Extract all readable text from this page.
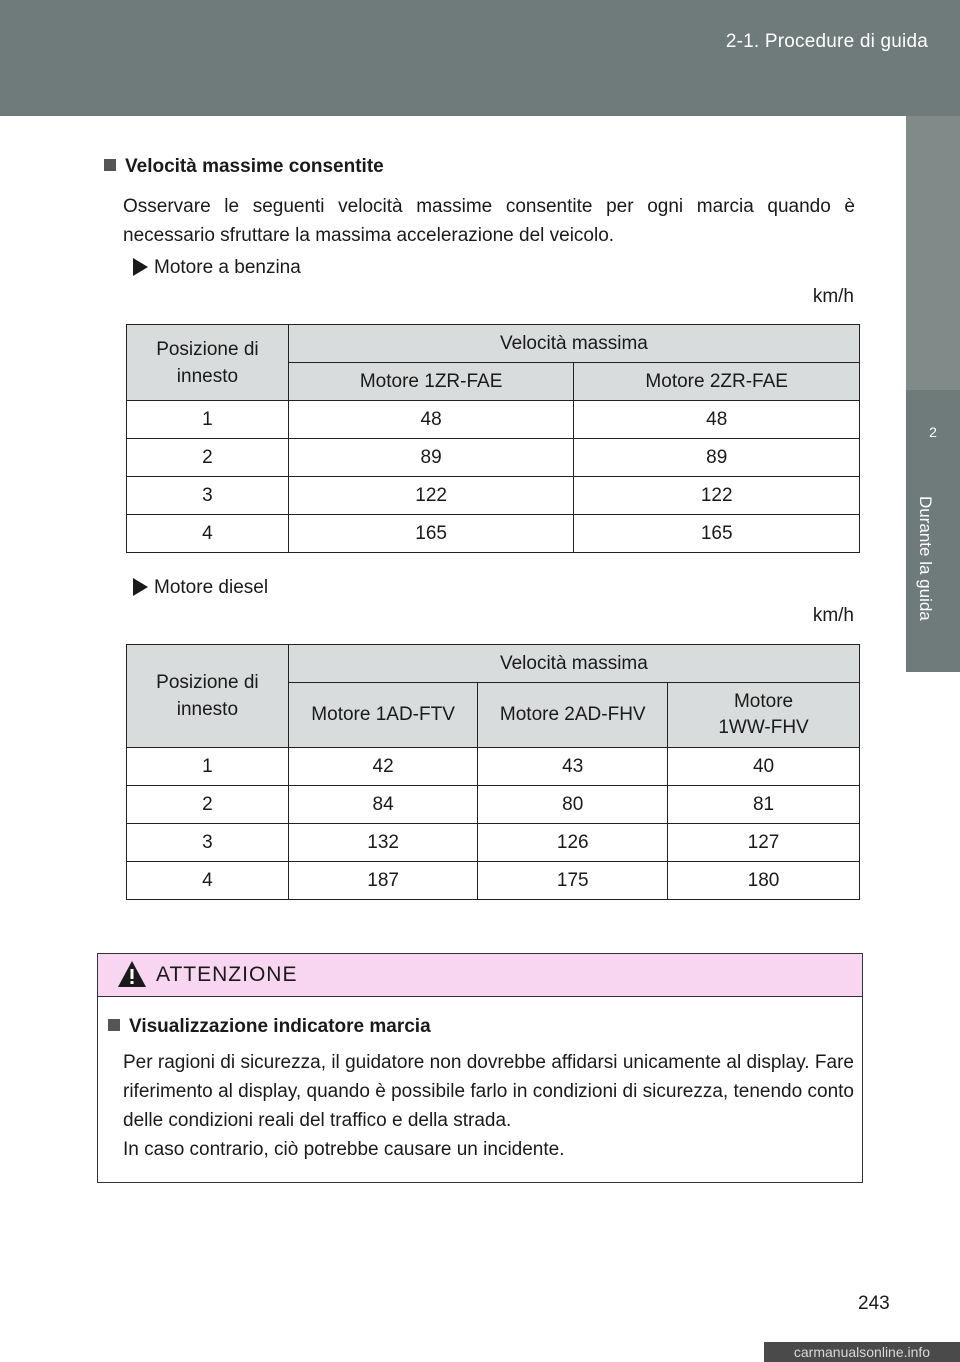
2-1. Procedure di guida
2
Durante la guida
Velocità massime consentite
Osservare le seguenti velocità massime consentite per ogni marcia quando è necessario sfruttare la massima accelerazione del veicolo.
Motore a benzina
km/h
Posizione di innesto	Velocità massima	
	Motore 1ZR-FAE	Motore 2ZR-FAE
1	48	48
2	89	89
3	122	122
4	165	165
Motore diesel
km/h
Posizione di innesto	Velocità massima		
	Motore 1AD-FTV	Motore 2AD-FHV	Motore 1WW-FHV
1	42	43	40
2	84	80	81
3	132	126	127
4	187	175	180
ATTENZIONE
Visualizzazione indicatore marcia

Per ragioni di sicurezza, il guidatore non dovrebbe affidarsi unicamente al display. Fare riferimento al display, quando è possibile farlo in condizioni di sicurezza, tenendo conto delle condizioni reali del traffico e della strada.

In caso contrario, ciò potrebbe causare un incidente.

243
carmanualsonline.info
